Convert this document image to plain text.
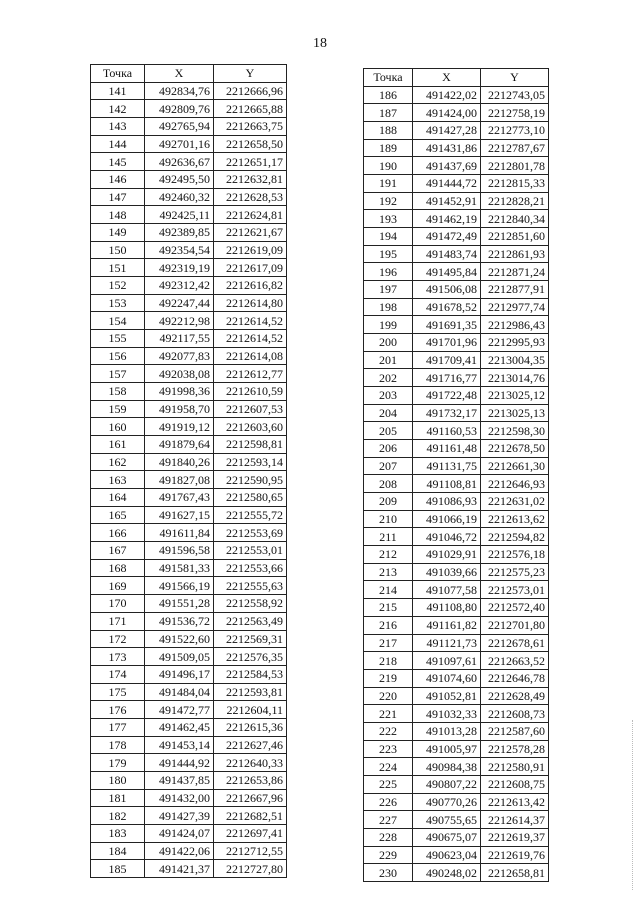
18
Точка	X	Y
141	492834,76	2212666,96
142	492809,76	2212665,88
143	492765,94	2212663,75
144	492701,16	2212658,50
145	492636,67	2212651,17
146	492495,50	2212632,81
147	492460,32	2212628,53
148	492425,11	2212624,81
149	492389,85	2212621,67
150	492354,54	2212619,09
151	492319,19	2212617,09
152	492312,42	2212616,82
153	492247,44	2212614,80
154	492212,98	2212614,52
155	492117,55	2212614,52
156	492077,83	2212614,08
157	492038,08	2212612,77
158	491998,36	2212610,59
159	491958,70	2212607,53
160	491919,12	2212603,60
161	491879,64	2212598,81
162	491840,26	2212593,14
163	491827,08	2212590,95
164	491767,43	2212580,65
165	491627,15	2212555,72
166	491611,84	2212553,69
167	491596,58	2212553,01
168	491581,33	2212553,66
169	491566,19	2212555,63
170	491551,28	2212558,92
171	491536,72	2212563,49
172	491522,60	2212569,31
173	491509,05	2212576,35
174	491496,17	2212584,53
175	491484,04	2212593,81
176	491472,77	2212604,11
177	491462,45	2212615,36
178	491453,14	2212627,46
179	491444,92	2212640,33
180	491437,85	2212653,86
181	491432,00	2212667,96
182	491427,39	2212682,51
183	491424,07	2212697,41
184	491422,06	2212712,55
185	491421,37	2212727,80
Точка	X	Y
186	491422,02	2212743,05
187	491424,00	2212758,19
188	491427,28	2212773,10
189	491431,86	2212787,67
190	491437,69	2212801,78
191	491444,72	2212815,33
192	491452,91	2212828,21
193	491462,19	2212840,34
194	491472,49	2212851,60
195	491483,74	2212861,93
196	491495,84	2212871,24
197	491506,08	2212877,91
198	491678,52	2212977,74
199	491691,35	2212986,43
200	491701,96	2212995,93
201	491709,41	2213004,35
202	491716,77	2213014,76
203	491722,48	2213025,12
204	491732,17	2213025,13
205	491160,53	2212598,30
206	491161,48	2212678,50
207	491131,75	2212661,30
208	491108,81	2212646,93
209	491086,93	2212631,02
210	491066,19	2212613,62
211	491046,72	2212594,82
212	491029,91	2212576,18
213	491039,66	2212575,23
214	491077,58	2212573,01
215	491108,80	2212572,40
216	491161,82	2212701,80
217	491121,73	2212678,61
218	491097,61	2212663,52
219	491074,60	2212646,78
220	491052,81	2212628,49
221	491032,33	2212608,73
222	491013,28	2212587,60
223	491005,97	2212578,28
224	490984,38	2212580,91
225	490807,22	2212608,75
226	490770,26	2212613,42
227	490755,65	2212614,37
228	490675,07	2212619,37
229	490623,04	2212619,76
230	490248,02	2212658,81
